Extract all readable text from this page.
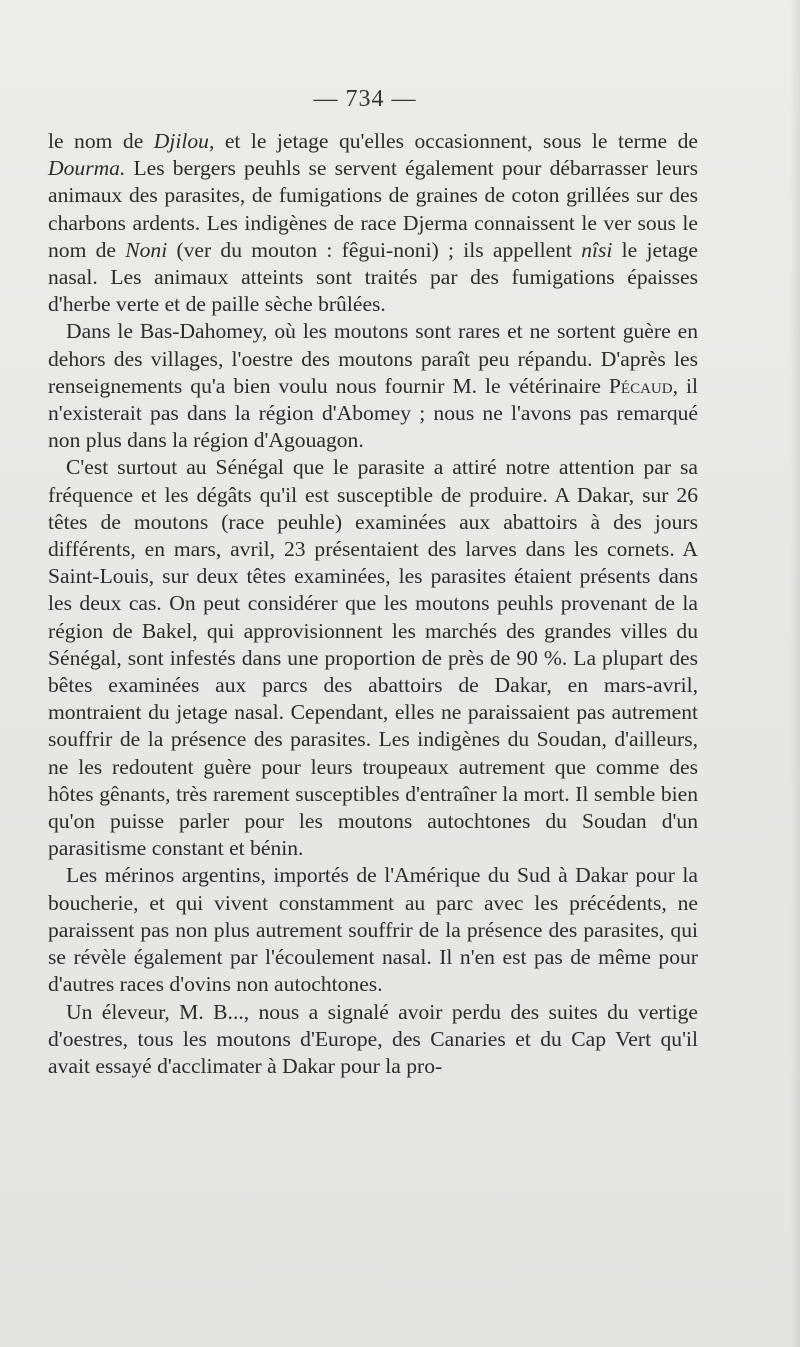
— 734 —

le nom de Djilou, et le jetage qu'elles occasionnent, sous le terme de Dourma. Les bergers peuhls se servent également pour débarrasser leurs animaux des parasites, de fumigations de graines de coton grillées sur des charbons ardents. Les indigènes de race Djerma connaissent le ver sous le nom de Noni (ver du mouton : fêgui-noni) ; ils appellent nîsi le jetage nasal. Les animaux atteints sont traités par des fumigations épaisses d'herbe verte et de paille sèche brûlées.

Dans le Bas-Dahomey, où les moutons sont rares et ne sortent guère en dehors des villages, l'oestre des moutons paraît peu répandu. D'après les renseignements qu'a bien voulu nous fournir M. le vétérinaire Pécaud, il n'existerait pas dans la région d'Abomey ; nous ne l'avons pas remarqué non plus dans la région d'Agouagon.

C'est surtout au Sénégal que le parasite a attiré notre attention par sa fréquence et les dégâts qu'il est susceptible de produire. A Dakar, sur 26 têtes de moutons (race peuhle) examinées aux abattoirs à des jours différents, en mars, avril, 23 présentaient des larves dans les cornets. A Saint-Louis, sur deux têtes examinées, les parasites étaient présents dans les deux cas. On peut considérer que les moutons peuhls provenant de la région de Bakel, qui approvisionnent les marchés des grandes villes du Sénégal, sont infestés dans une proportion de près de 90 %. La plupart des bêtes examinées aux parcs des abattoirs de Dakar, en mars-avril, montraient du jetage nasal. Cependant, elles ne paraissaient pas autrement souffrir de la présence des parasites. Les indigènes du Soudan, d'ailleurs, ne les redoutent guère pour leurs troupeaux autrement que comme des hôtes gênants, très rarement susceptibles d'entraîner la mort. Il semble bien qu'on puisse parler pour les moutons autochtones du Soudan d'un parasitisme constant et bénin.

Les mérinos argentins, importés de l'Amérique du Sud à Dakar pour la boucherie, et qui vivent constamment au parc avec les précédents, ne paraissent pas non plus autrement souffrir de la présence des parasites, qui se révèle également par l'écoulement nasal. Il n'en est pas de même pour d'autres races d'ovins non autochtones.

Un éleveur, M. B..., nous a signalé avoir perdu des suites du vertige d'oestres, tous les moutons d'Europe, des Canaries et du Cap Vert qu'il avait essayé d'acclimater à Dakar pour la pro-
